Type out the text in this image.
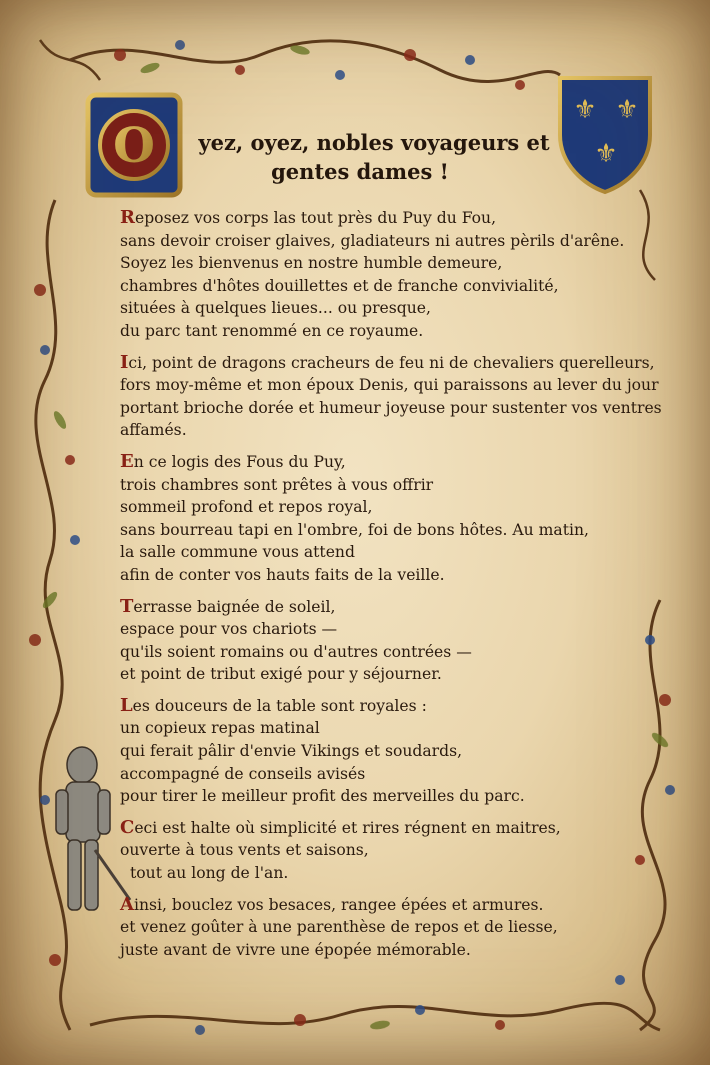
O
⚜ ⚜
⚜
yez, oyez, nobles voyageurs et
gentes dames !

Reposez vos corps las tout près du Puy du Fou,
sans devoir croiser glaives, gladiateurs ni autres pèrils d'arêne.
Soyez les bienvenus en nostre humble demeure,
chambres d'hôtes douillettes et de franche convivialité,
situées à quelques lieues... ou presque,
du parc tant renommé en ce royaume.

Ici, point de dragons cracheurs de feu ni de chevaliers querelleurs,
fors moy-même et mon époux Denis, qui paraissons au lever du jour
portant brioche dorée et humeur joyeuse pour sustenter vos ventres
affamés.

En ce logis des Fous du Puy,
trois chambres sont prêtes à vous offrir
sommeil profond et repos royal,
sans bourreau tapi en l'ombre, foi de bons hôtes. Au matin,
la salle commune vous attend
afin de conter vos hauts faits de la veille.

Terrasse baignée de soleil,
espace pour vos chariots —
qu'ils soient romains ou d'autres contrées —
et point de tribut exigé pour y séjourner.

Les douceurs de la table sont royales :
un copieux repas matinal
qui ferait pâlir d'envie Vikings et soudards,
accompagné de conseils avisés
pour tirer le meilleur profit des merveilles du parc.

Ceci est halte où simplicité et rires régnent en maitres,
ouverte à tous vents et saisons,
tout au long de l'an.

Ainsi, bouclez vos besaces, rangee épées et armures.
et venez goûter à une parenthèse de repos et de liesse,
juste avant de vivre une épopée mémorable.
